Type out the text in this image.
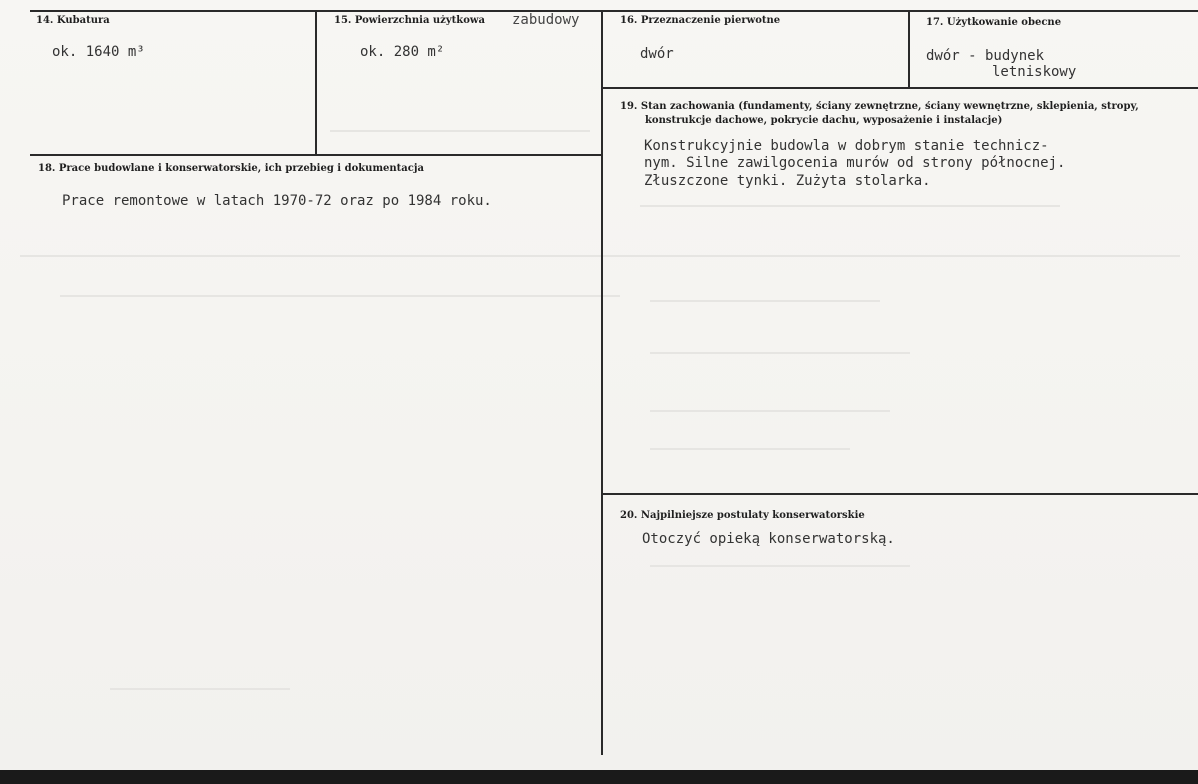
14. Kubatura
ok. 1640 m³
15. Powierzchnia użytkowa zabudowy
ok. 280 m²
16. Przeznaczenie pierwotne
dwór
17. Użytkowanie obecne
dwór - budynek
letniskowy
18. Prace budowlane i konserwatorskie, ich przebieg i dokumentacja
Prace remontowe w latach 1970-72 oraz po 1984 roku.
19. Stan zachowania (fundamenty, ściany zewnętrzne, ściany wewnętrzne, sklepienia, stropy,
konstrukcje dachowe, pokrycie dachu, wyposażenie i instalacje)
Konstrukcyjnie budowla w dobrym stanie technicz-
nym. Silne zawilgocenia murów od strony północnej.
Złuszczone tynki. Zużyta stolarka.
20. Najpilniejsze postulaty konserwatorskie
Otoczyć opieką konserwatorską.
